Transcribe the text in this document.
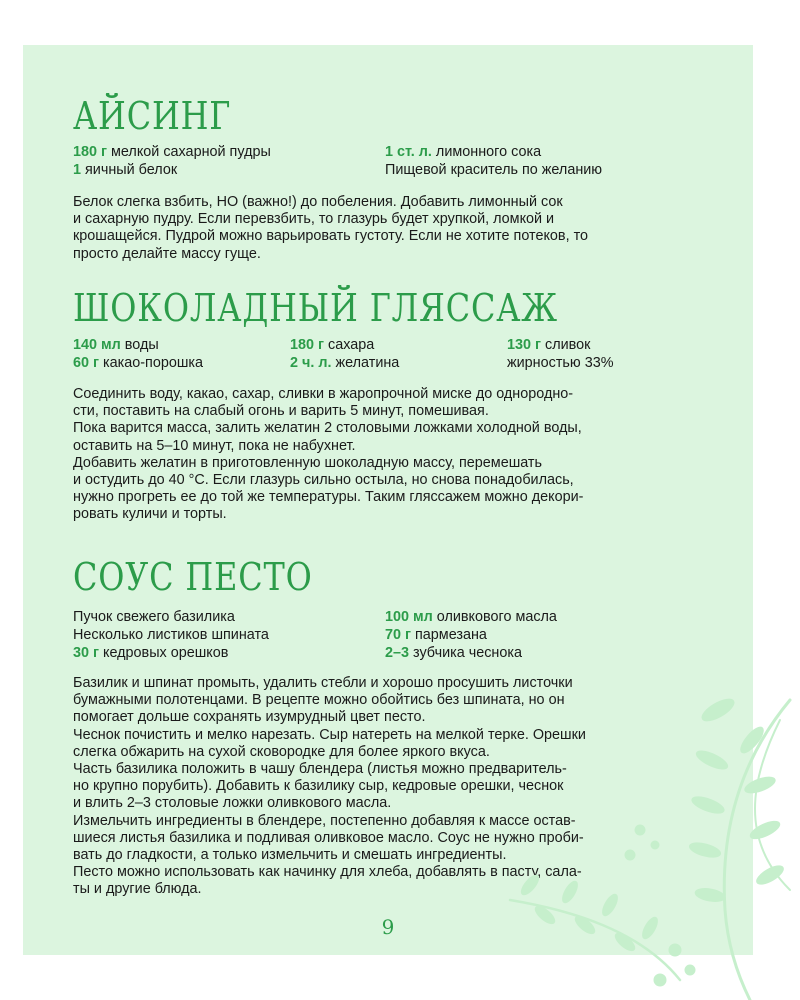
АЙСИНГ
180 г мелкой сахарной пудры
1 яичный белок
1 ст. л. лимонного сока
Пищевой краситель по желанию

Белок слегка взбить, НО (важно!) до побеления. Добавить лимонный сок

и сахарную пудру. Если перевзбить, то глазурь будет хрупкой, ломкой и

крошащейся. Пудрой можно варьировать густоту. Если не хотите потеков, то

просто делайте массу гуще.

ШОКОЛАДНЫЙ ГЛЯССАЖ
140 мл воды
60 г какао-порошка
180 г сахара
2 ч. л. желатина
130 г сливок
жирностью 33%

Соединить воду, какао, сахар, сливки в жаропрочной миске до однородно-

сти, поставить на слабый огонь и варить 5 минут, помешивая.

Пока варится масса, залить желатин 2 столовыми ложками холодной воды,

оставить на 5–10 минут, пока не набухнет.

Добавить желатин в приготовленную шоколадную массу, перемешать

и остудить до 40 °С. Если глазурь сильно остыла, но снова понадобилась,

нужно прогреть ее до той же температуры. Таким гляссажем можно декори-

ровать куличи и торты.

СОУС ПЕСТО
Пучок свежего базилика
Несколько листиков шпината
30 г кедровых орешков
100 мл оливкового масла
70 г пармезана
2–3 зубчика чеснока

Базилик и шпинат промыть, удалить стебли и хорошо просушить листочки

бумажными полотенцами. В рецепте можно обойтись без шпината, но он

помогает дольше сохранять изумрудный цвет песто.

Чеснок почистить и мелко нарезать. Сыр натереть на мелкой терке. Орешки

слегка обжарить на сухой сковородке для более яркого вкуса.

Часть базилика положить в чашу блендера (листья можно предваритель-

но крупно порубить). Добавить к базилику сыр, кедровые орешки, чеснок

и влить 2–3 столовые ложки оливкового масла.

Измельчить ингредиенты в блендере, постепенно добавляя к массе остав-

шиеся листья базилика и подливая оливковое масло. Соус не нужно проби-

вать до гладкости, а только измельчить и смешать ингредиенты.

Песто можно использовать как начинку для хлеба, добавлять в пасту, сала-

ты и другие блюда.

9
